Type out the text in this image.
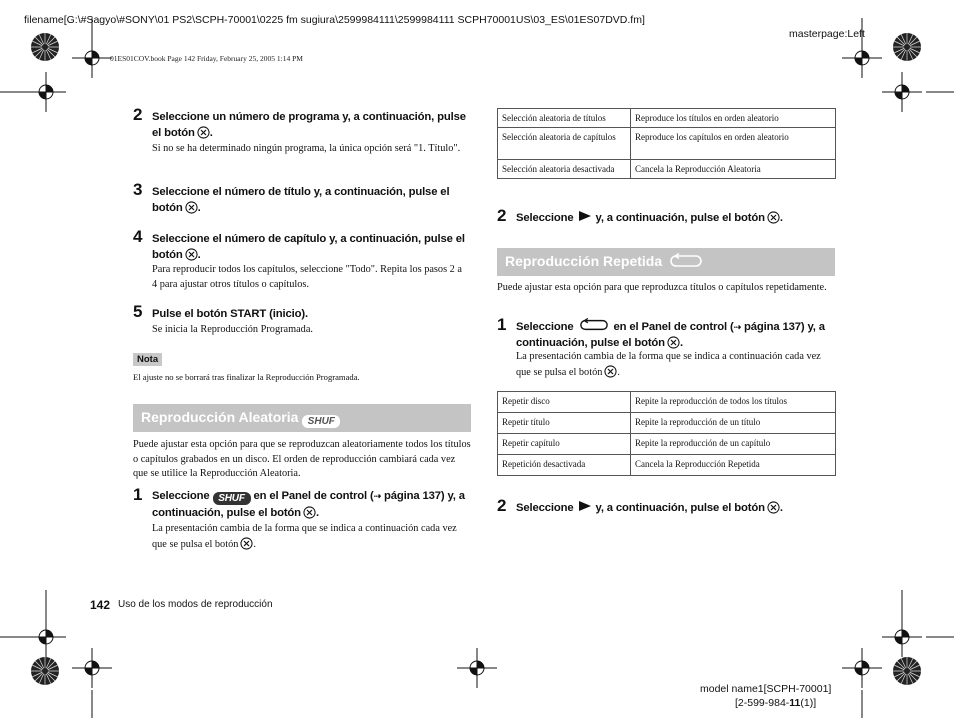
filename[G:\#Sagyo\#SONY\01 PS2\SCPH-70001\0225 fm sugiura\2599984111\2599984111 SCPH70001US\03_ES\01ES07DVD.fm]
masterpage:Left
01ES01COV.book Page 142 Friday, February 25, 2005 1:14 PM
2 Seleccione un número de programa y, a continuación, pulse el botón .
Si no se ha determinado ningún programa, la única opción será "1. Título".
3 Seleccione el número de título y, a continuación, pulse el botón .
4 Seleccione el número de capítulo y, a continuación, pulse el botón .
Para reproducir todos los capítulos, seleccione "Todo". Repita los pasos 2 a 4 para ajustar otros títulos o capítulos.
5 Pulse el botón START (inicio).
Se inicia la Reproducción Programada.
Nota
El ajuste no se borrará tras finalizar la Reproducción Programada.
Reproducción Aleatoria SHUF
Puede ajustar esta opción para que se reproduzcan aleatoriamente todos los títulos o capítulos grabados en un disco. El orden de reproducción cambiará cada vez que se utilice la Reproducción Aleatoria.
1 Seleccione SHUF en el Panel de control (⇢ página 137) y, a continuación, pulse el botón .
La presentación cambia de la forma que se indica a continuación cada vez que se pulsa el botón .
Selección aleatoria de títulos	Reproduce los títulos en orden aleatorio
Selección aleatoria de capítulos	Reproduce los capítulos en orden aleatorio
Selección aleatoria desactivada	Cancela la Reproducción Aleatoria
2 Seleccione y, a continuación, pulse el botón .
Reproducción Repetida
Puede ajustar esta opción para que reproduzca títulos o capítulos repetidamente.
1 Seleccione	en el Panel de control (⇢ página 137) y, a continuación, pulse el botón .
La presentación cambia de la forma que se indica a continuación cada vez que se pulsa el botón .
Repetir disco	Repite la reproducción de todos los títulos
Repetir título	Repite la reproducción de un título
Repetir capítulo	Repite la reproducción de un capítulo
Repetición desactivada	Cancela la Reproducción Repetida
2 Seleccione y, a continuación, pulse el botón .
142 Uso de los modos de reproducción
model name1[SCPH-70001]
[2-599-984-11(1)]
